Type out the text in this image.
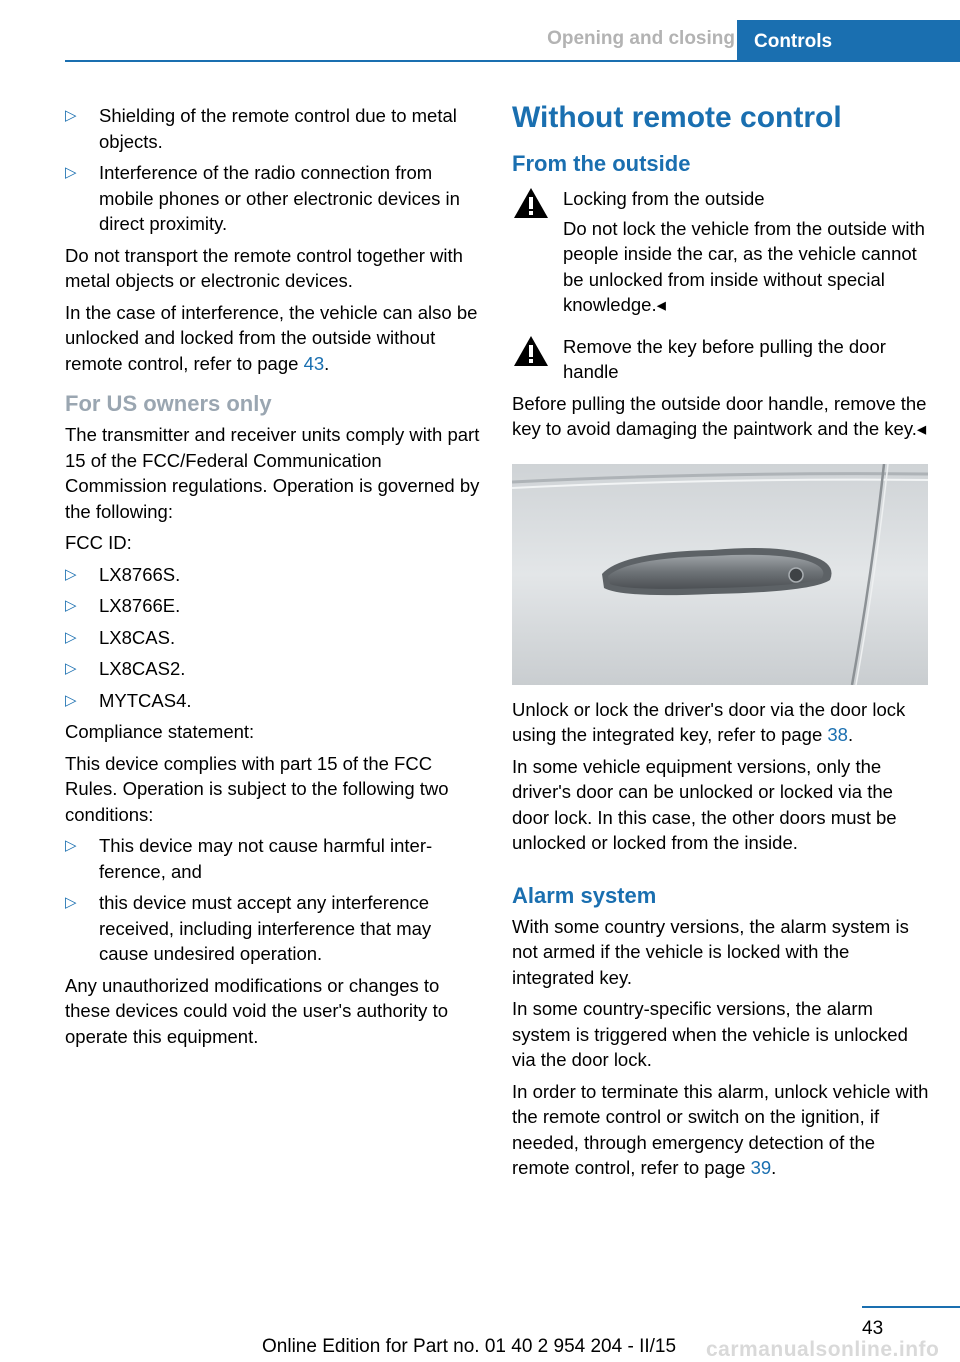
Opening and closing	Controls
▷ Shielding of the remote control due to metal objects.
▷ Interference of the radio connection from mobile phones or other electronic devices in direct proximity.

Do not transport the remote control together with metal objects or electronic devices.

In the case of interference, the vehicle can also be unlocked and locked from the outside without remote control, refer to page 43.

For US owners only

The transmitter and receiver units comply with part 15 of the FCC/Federal Communication Commission regulations. Operation is governed by the following:

FCC ID:

▷ LX8766S.
▷ LX8766E.
▷ LX8CAS.
▷ LX8CAS2.
▷ MYTCAS4.

Compliance statement:

This device complies with part 15 of the FCC Rules. Operation is subject to the following two conditions:

▷ This device may not cause harmful interference, and
▷ this device must accept any interference received, including interference that may cause undesired operation.

Any unauthorized modifications or changes to these devices could void the user's authority to operate this equipment.

Without remote control
From the outside

Locking from the outside

Do not lock the vehicle from the outside with people inside the car, as the vehicle cannot be unlocked from inside without special knowledge.◂

Remove the key before pulling the door handle

Before pulling the outside door handle, remove the key to avoid damaging the paintwork and the key.◂

Unlock or lock the driver's door via the door lock using the integrated key, refer to page 38.

In some vehicle equipment versions, only the driver's door can be unlocked or locked via the door lock. In this case, the other doors must be unlocked or locked from the inside.

Alarm system

With some country versions, the alarm system is not armed if the vehicle is locked with the integrated key.

In some country-specific versions, the alarm system is triggered when the vehicle is unlocked via the door lock.

In order to terminate this alarm, unlock vehicle with the remote control or switch on the ignition, if needed, through emergency detection of the remote control, refer to page 39.

43
Online Edition for Part no. 01 40 2 954 204 - II/15 carmanualsonline.info
